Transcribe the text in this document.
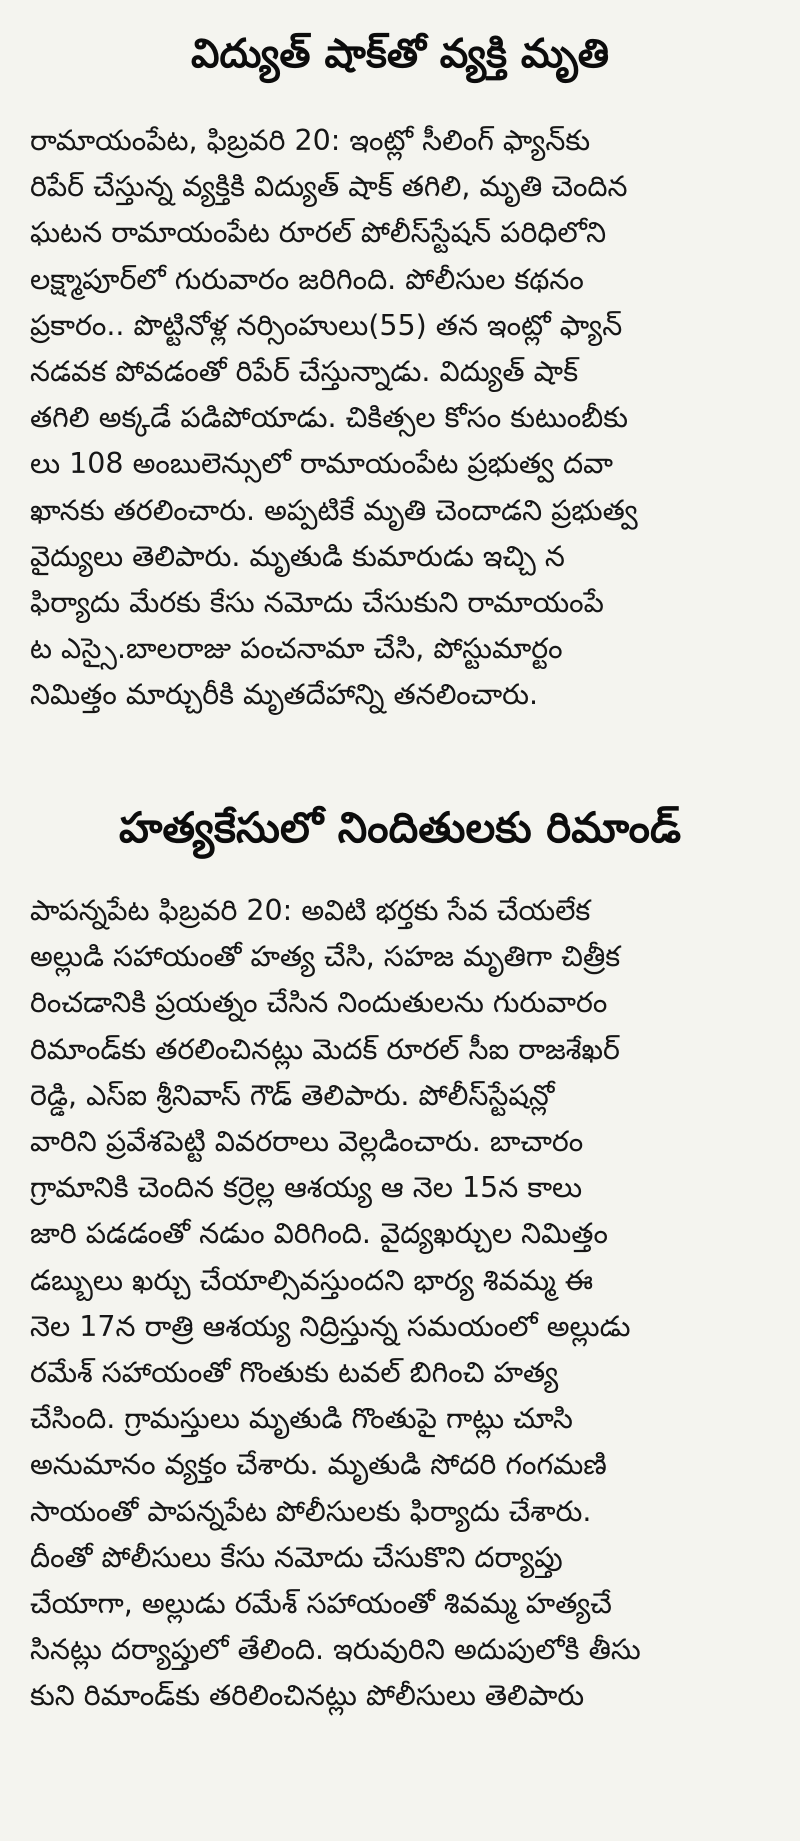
విద్యుత్ షాక్‌తో వ్యక్తి మృతి
రామాయంపేట, ఫిబ్రవరి 20: ఇంట్లో సీలింగ్ ఫ్యాన్‌కు
రిపేర్ చేస్తున్న వ్యక్తికి విద్యుత్ షాక్ తగిలి, మృతి చెందిన
ఘటన రామాయంపేట రూరల్ పోలీస్‌స్టేషన్ పరిధిలోని
లక్ష్మాపూర్‌లో గురువారం జరిగింది. పోలీసుల కథనం
ప్రకారం.. పొట్టినోళ్ల నర్సింహులు(55) తన ఇంట్లో ఫ్యాన్
నడవక పోవడంతో రిపేర్ చేస్తున్నాడు. విద్యుత్ షాక్
తగిలి అక్కడే పడిపోయాడు. చికిత్సల కోసం కుటుంబీకు
లు 108 అంబులెన్సులో రామాయంపేట ప్రభుత్వ దవా
ఖానకు తరలించారు. అప్పటికే మృతి చెందాడని ప్రభుత్వ
వైద్యులు తెలిపారు. మృతుడి కుమారుడు ఇచ్చి న
ఫిర్యాదు మేరకు కేసు నమోదు చేసుకుని రామాయంపే
ట ఎస్సై.బాలరాజు పంచనామా చేసి, పోస్టుమార్టం
నిమిత్తం మార్చురీకి మృతదేహాన్ని తనలించారు.
హత్యకేసులో నిందితులకు రిమాండ్
పాపన్నపేట ఫిబ్రవరి 20: అవిటి భర్తకు సేవ చేయలేక
అల్లుడి సహాయంతో హత్య చేసి, సహజ మృతిగా చిత్రీక
రించడానికి ప్రయత్నం చేసిన నిందుతులను గురువారం
రిమాండ్‌కు తరలించినట్లు మెదక్ రూరల్ సీఐ రాజశేఖర్
రెడ్డి, ఎస్ఐ శ్రీనివాస్ గౌడ్ తెలిపారు. పోలీస్‌స్టేషన్లో
వారిని ప్రవేశపెట్టి వివరరాలు వెల్లడించారు. బాచారం
గ్రామానికి చెందిన కర్రెల్ల ఆశయ్య ఆ నెల 15న కాలు
జారి పడడంతో నడుం విరిగింది. వైద్యఖర్చుల నిమిత్తం
డబ్బులు ఖర్చు చేయాల్సివస్తుందని భార్య శివమ్మ ఈ
నెల 17న రాత్రి ఆశయ్య నిద్రిస్తున్న సమయంలో అల్లుడు
రమేశ్ సహాయంతో గొంతుకు టవల్ బిగించి హత్య
చేసింది. గ్రామస్తులు మృతుడి గొంతుపై గాట్లు చూసి
అనుమానం వ్యక్తం చేశారు. మృతుడి సోదరి గంగమణి
సాయంతో పాపన్నపేట పోలీసులకు ఫిర్యాదు చేశారు.
దీంతో పోలీసులు కేసు నమోదు చేసుకొని దర్యాప్తు
చేయాగా, అల్లుడు రమేశ్ సహాయంతో శివమ్మ హత్యచే
సినట్లు దర్యాప్తులో తేలింది. ఇరువురిని అదుపులోకి తీసు
కుని రిమాండ్‌కు తరిలించినట్లు పోలీసులు తెలిపారు
